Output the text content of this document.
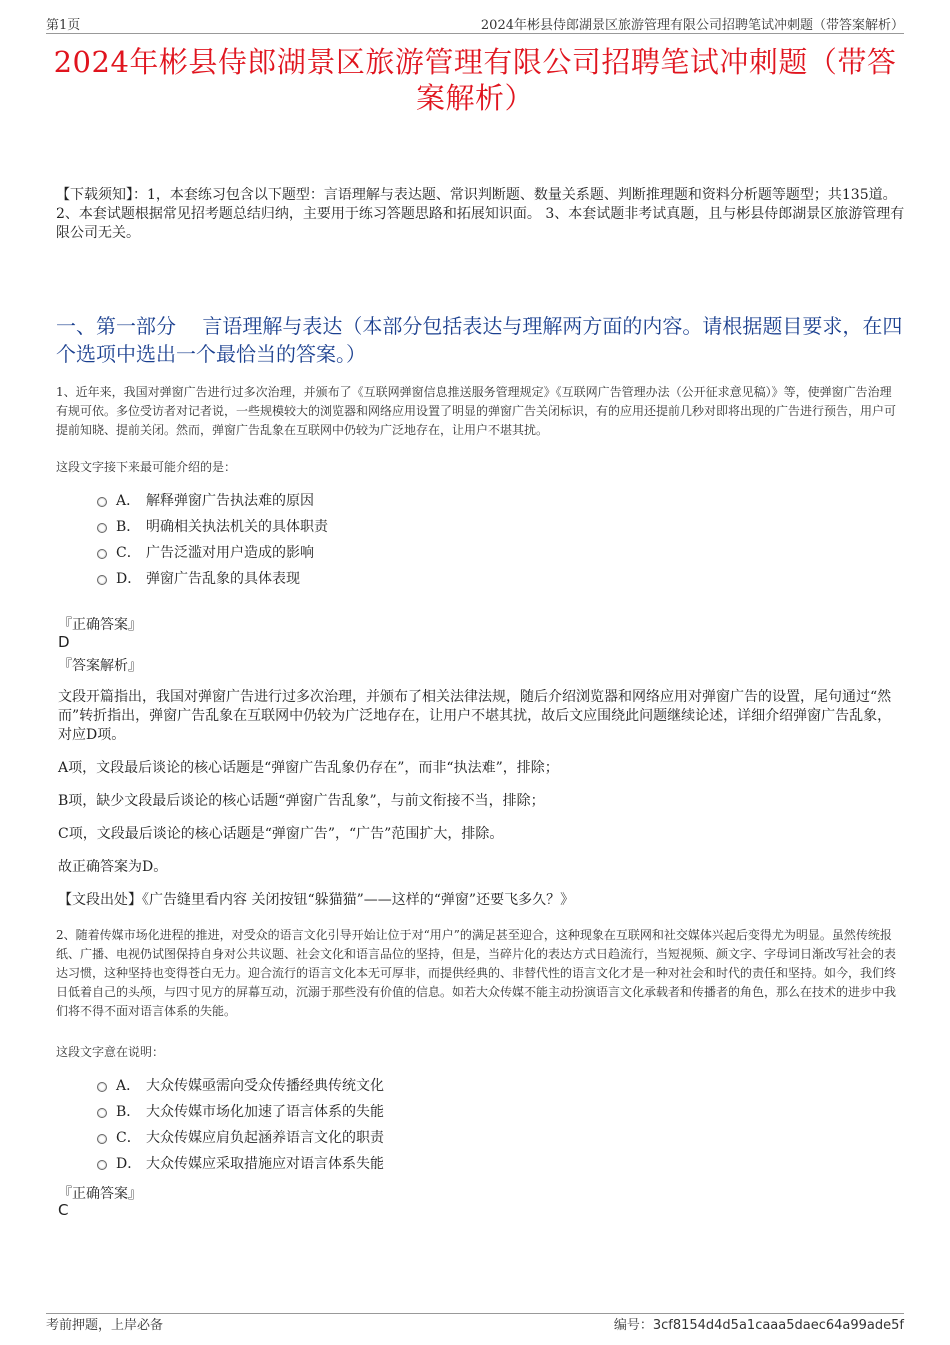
第1页	2024年彬县侍郎湖景区旅游管理有限公司招聘笔试冲刺题（带答案解析）
2024年彬县侍郎湖景区旅游管理有限公司招聘笔试冲刺题（带答案解析）
【下载须知】：1，本套练习包含以下题型：言语理解与表达题、常识判断题、数量关系题、判断推理题和资料分析题等题型；共135道。 2、本套试题根据常见招考题总结归纳，主要用于练习答题思路和拓展知识面。 3、本套试题非考试真题，且与彬县侍郎湖景区旅游管理有限公司无关。
一、第一部分　 言语理解与表达（本部分包括表达与理解两方面的内容。请根据题目要求，在四个选项中选出一个最恰当的答案。）
1、近年来，我国对弹窗广告进行过多次治理，并颁布了《互联网弹窗信息推送服务管理规定》《互联网广告管理办法（公开征求意见稿）》等，使弹窗广告治理有规可依。多位受访者对记者说，一些规模较大的浏览器和网络应用设置了明显的弹窗广告关闭标识，有的应用还提前几秒对即将出现的广告进行预告，用户可提前知晓、提前关闭。然而，弹窗广告乱象在互联网中仍较为广泛地存在，让用户不堪其扰。
这段文字接下来最可能介绍的是：
A． 解释弹窗广告执法难的原因
B． 明确相关执法机关的具体职责
C． 广告泛滥对用户造成的影响
D． 弹窗广告乱象的具体表现
『正确答案』
D
『答案解析』
文段开篇指出，我国对弹窗广告进行过多次治理，并颁布了相关法律法规，随后介绍浏览器和网络应用对弹窗广告的设置，尾句通过“然而”转折指出，弹窗广告乱象在互联网中仍较为广泛地存在，让用户不堪其扰，故后文应围绕此问题继续论述，详细介绍弹窗广告乱象，对应D项。
A项，文段最后谈论的核心话题是“弹窗广告乱象仍存在”，而非“执法难”，排除；
B项，缺少文段最后谈论的核心话题“弹窗广告乱象”，与前文衔接不当，排除；
C项，文段最后谈论的核心话题是“弹窗广告”，“广告”范围扩大，排除。
故正确答案为D。
【文段出处】《广告缝里看内容 关闭按钮“躲猫猫”——这样的“弹窗”还要飞多久？》
2、随着传媒市场化进程的推进，对受众的语言文化引导开始让位于对“用户”的满足甚至迎合，这种现象在互联网和社交媒体兴起后变得尤为明显。虽然传统报纸、广播、电视仍试图保持自身对公共议题、社会文化和语言品位的坚持，但是，当碎片化的表达方式日趋流行，当短视频、颜文字、字母词日渐改写社会的表达习惯，这种坚持也变得苍白无力。迎合流行的语言文化本无可厚非，而提供经典的、非替代性的语言文化才是一种对社会和时代的责任和坚持。如今，我们终日低着自己的头颅，与四寸见方的屏幕互动，沉溺于那些没有价值的信息。如若大众传媒不能主动扮演语言文化承载者和传播者的角色，那么在技术的进步中我们将不得不面对语言体系的失能。
这段文字意在说明：
A． 大众传媒亟需向受众传播经典传统文化
B． 大众传媒市场化加速了语言体系的失能
C． 大众传媒应肩负起涵养语言文化的职责
D． 大众传媒应采取措施应对语言体系失能
『正确答案』
C
考前押题，上岸必备	编号：3cf8154d4d5a1caaa5daec64a99ade5f
